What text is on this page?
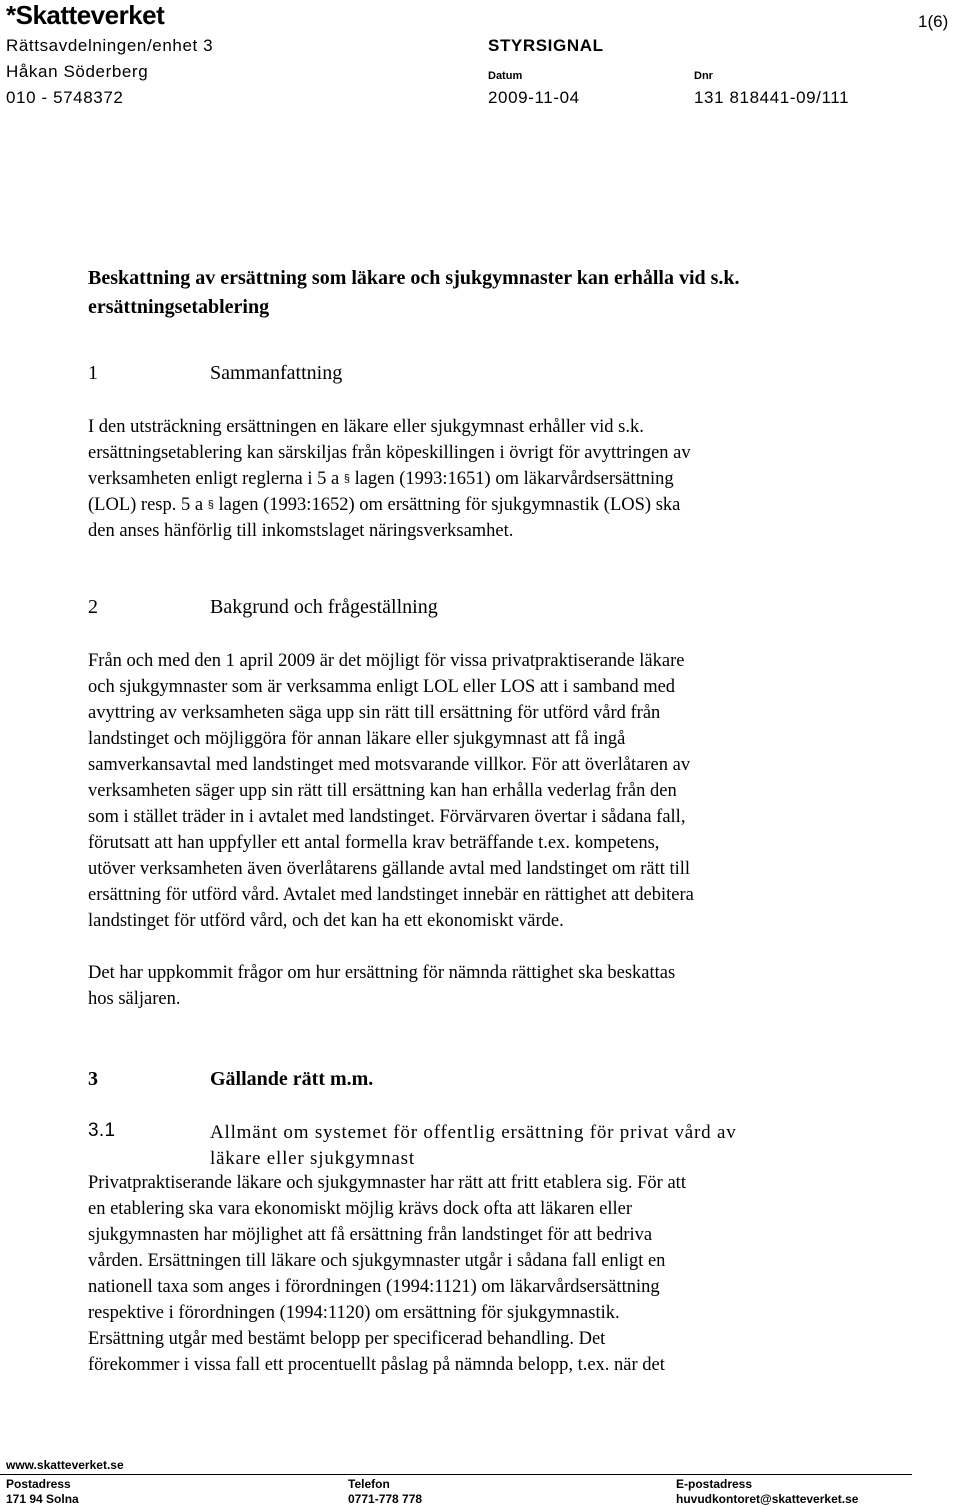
*Skatteverket
Rättsavdelningen/enhet 3
Håkan Söderberg
010 - 5748372
STYRSIGNAL
Datum
2009-11-04
Dnr
131 818441-09/111
1(6)
Beskattning av ersättning som läkare och sjukgymnaster kan erhålla vid s.k. ersättningsetablering
1	Sammanfattning
I den utsträckning ersättningen en läkare eller sjukgymnast erhåller vid s.k.
ersättningsetablering kan särskiljas från köpeskillingen i övrigt för avyttringen av
verksamheten enligt reglerna i 5 a § lagen (1993:1651) om läkarvårdsersättning
(LOL) resp. 5 a § lagen (1993:1652) om ersättning för sjukgymnastik (LOS) ska
den anses hänförlig till inkomstslaget näringsverksamhet.
2	Bakgrund och frågeställning
Från och med den 1 april 2009 är det möjligt för vissa privatpraktiserande läkare
och sjukgymnaster som är verksamma enligt LOL eller LOS att i samband med
avyttring av verksamheten säga upp sin rätt till ersättning för utförd vård från
landstinget och möjliggöra för annan läkare eller sjukgymnast att få ingå
samverkansavtal med landstinget med motsvarande villkor. För att överlåtaren av
verksamheten säger upp sin rätt till ersättning kan han erhålla vederlag från den
som i stället träder in i avtalet med landstinget. Förvärvaren övertar i sådana fall,
förutsatt att han uppfyller ett antal formella krav beträffande t.ex. kompetens,
utöver verksamheten även överlåtarens gällande avtal med landstinget om rätt till
ersättning för utförd vård. Avtalet med landstinget innebär en rättighet att debitera
landstinget för utförd vård, och det kan ha ett ekonomiskt värde.
Det har uppkommit frågor om hur ersättning för nämnda rättighet ska beskattas
hos säljaren.
3	Gällande rätt m.m.
3.1	Allmänt om systemet för offentlig ersättning för privat vård av
läkare eller sjukgymnast
Privatpraktiserande läkare och sjukgymnaster har rätt att fritt etablera sig. För att
en etablering ska vara ekonomiskt möjlig krävs dock ofta att läkaren eller
sjukgymnasten har möjlighet att få ersättning från landstinget för att bedriva
vården. Ersättningen till läkare och sjukgymnaster utgår i sådana fall enligt en
nationell taxa som anges i förordningen (1994:1121) om läkarvårdsersättning
respektive i förordningen (1994:1120) om ersättning för sjukgymnastik.
Ersättning utgår med bestämt belopp per specificerad behandling. Det
förekommer i vissa fall ett procentuellt påslag på nämnda belopp, t.ex. när det
www.skatteverket.se
Postadress
171 94 Solna
Telefon
0771-778 778
E-postadress
huvudkontoret@skatteverket.se
